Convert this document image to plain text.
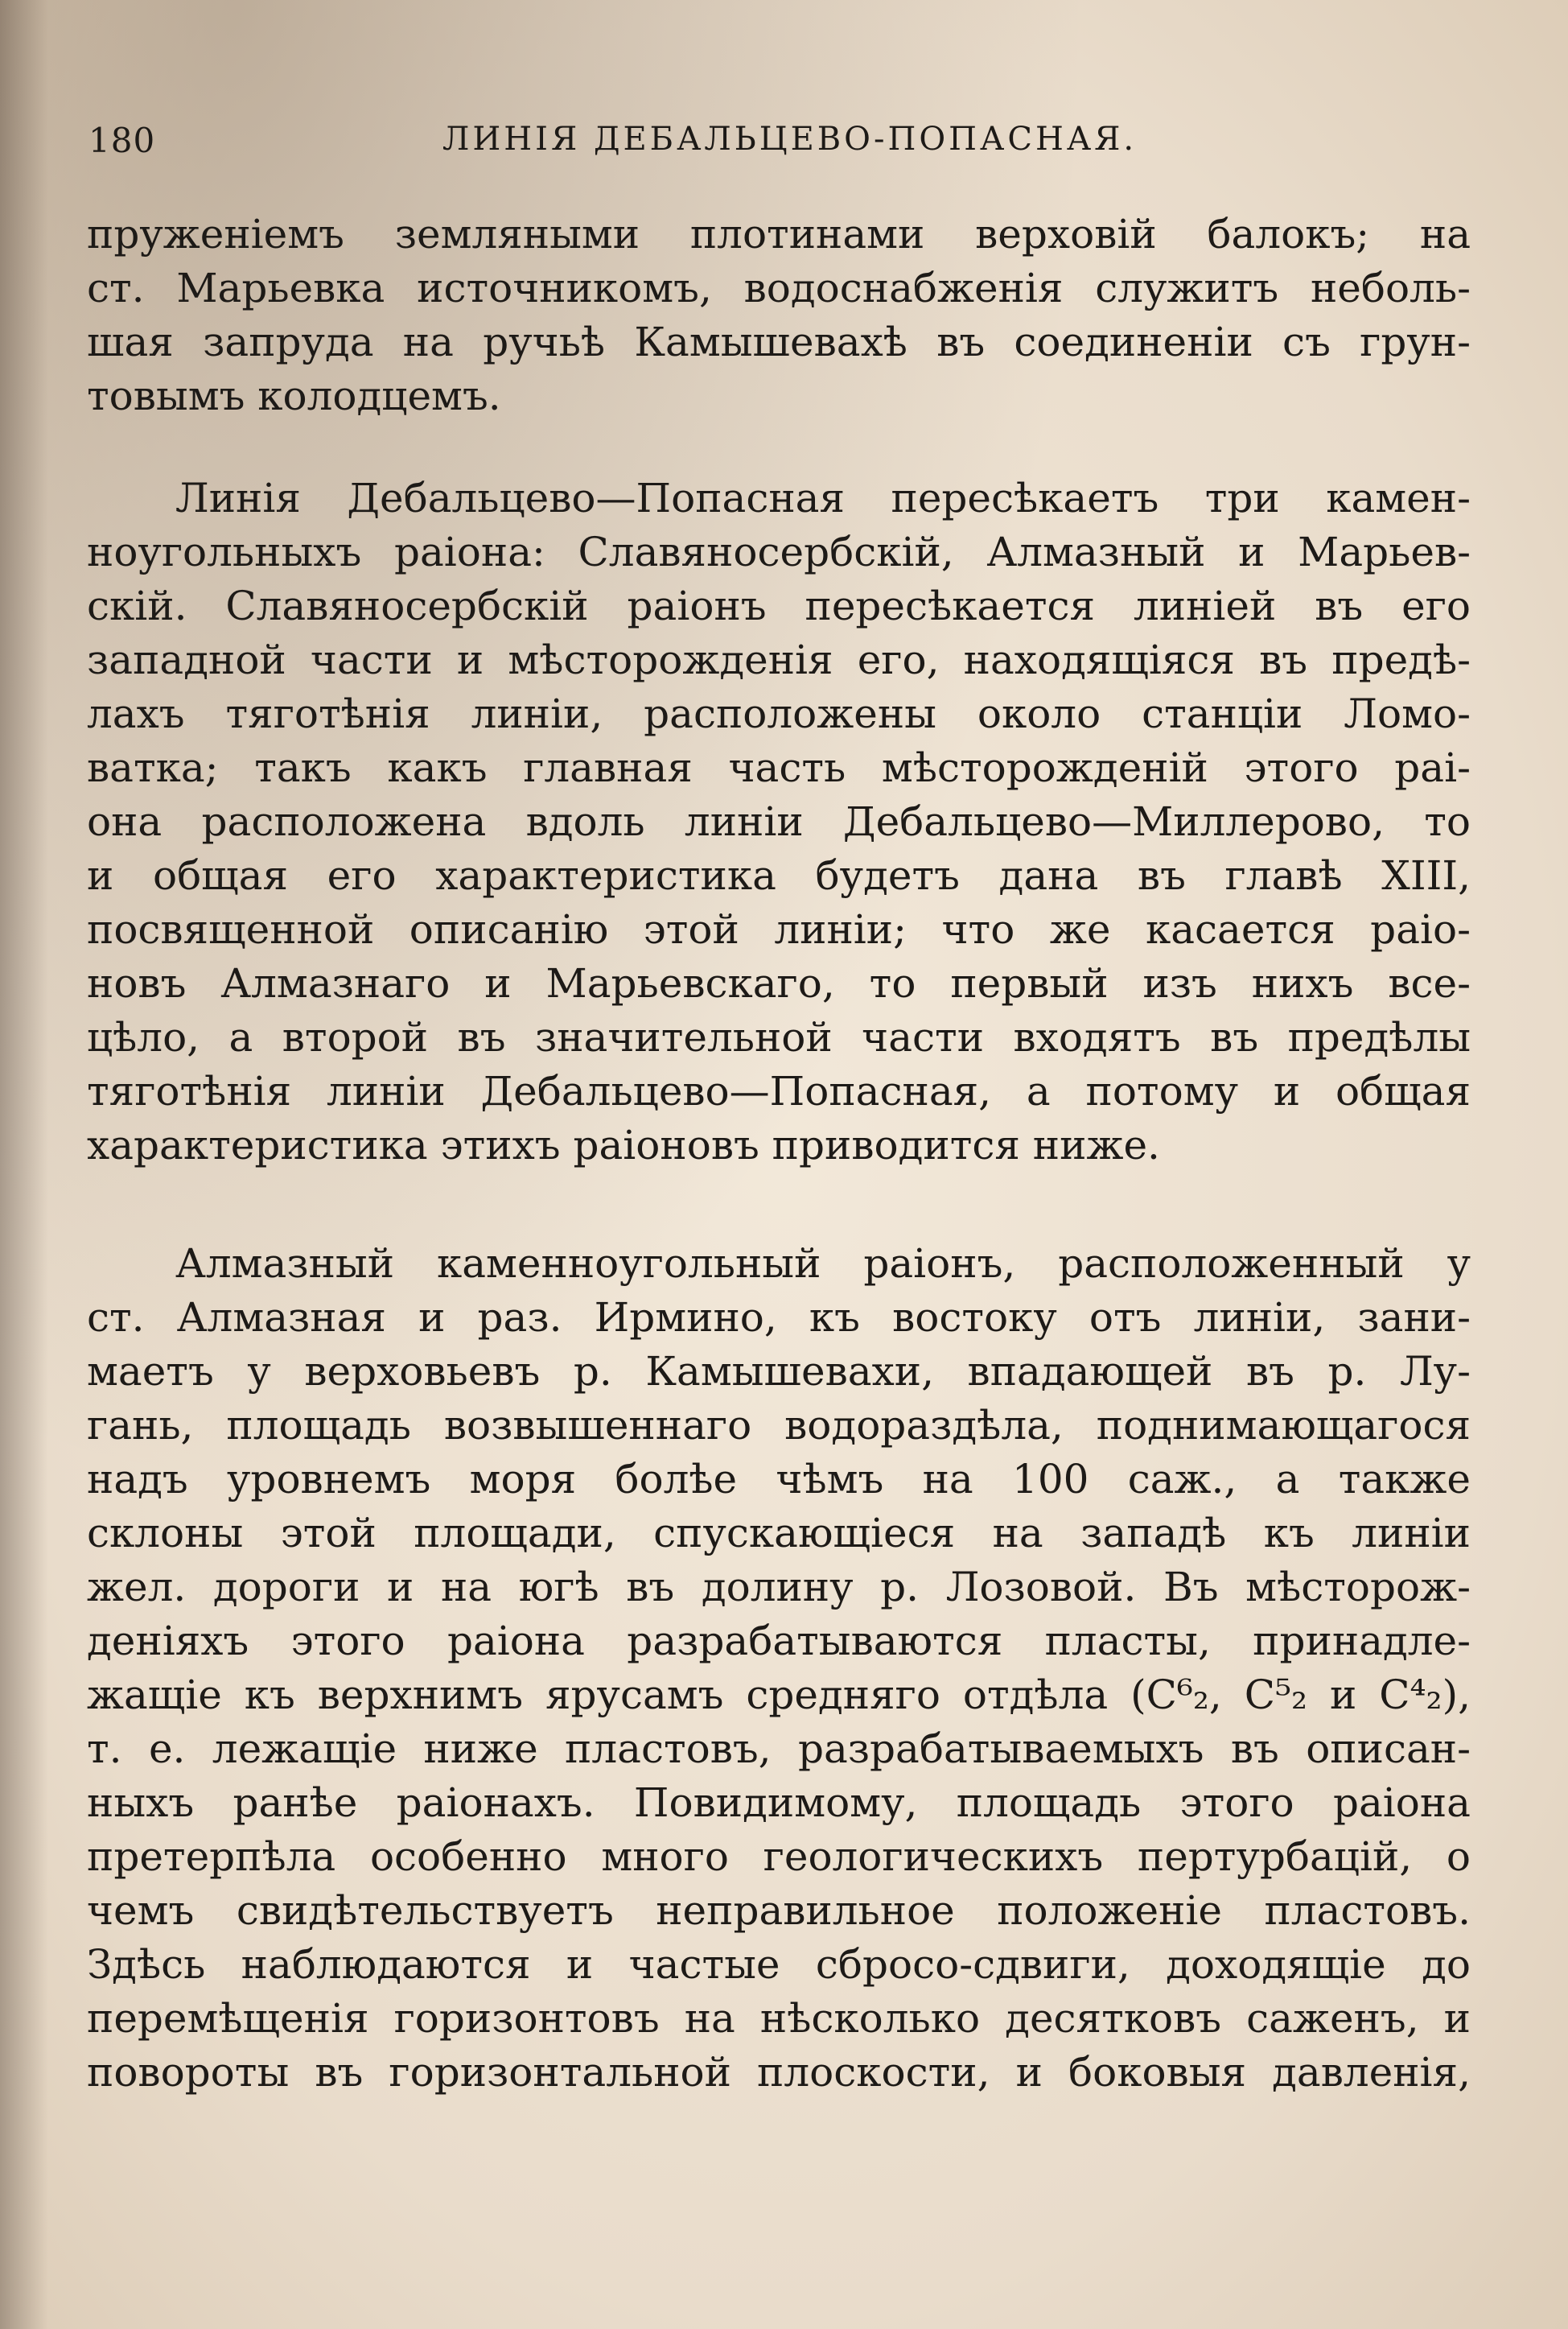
180	ЛИНІЯ ДЕБАЛЬЦЕВО-ПОПАСНАЯ.
пруженіемъ земляными плотинами верховій балокъ; на
ст. Марьевка источникомъ, водоснабженія служитъ неболь-
шая запруда на ручьѣ Камышевахѣ въ соединеніи съ грун-
товымъ колодцемъ.
Линія Дебальцево—Попасная пересѣкаетъ три камен-
ноугольныхъ раіона: Славяносербскій, Алмазный и Марьев-
скій. Славяносербскій раіонъ пересѣкается линіей въ его
западной части и мѣсторожденія его, находящіяся въ предѣ-
лахъ тяготѣнія линіи, расположены около станціи Ломо-
ватка; такъ какъ главная часть мѣсторожденій этого раі-
она расположена вдоль линіи Дебальцево—Миллерово, то
и общая его характеристика будетъ дана въ главѣ XIII,
посвященной описанію этой линіи; что же касается раіо-
новъ Алмазнаго и Марьевскаго, то первый изъ нихъ все-
цѣло, а второй въ значительной части входятъ въ предѣлы
тяготѣнія линіи Дебальцево—Попасная, а потому и общая
характеристика этихъ раіоновъ приводится ниже.
Алмазный каменноугольный раіонъ, расположенный у
ст. Алмазная и раз. Ирмино, къ востоку отъ линіи, зани-
маетъ у верховьевъ р. Камышевахи, впадающей въ р. Лу-
гань, площадь возвышеннаго водораздѣла, поднимающагося
надъ уровнемъ моря болѣе чѣмъ на 100 саж., а также
склоны этой площади, спускающіеся на западѣ къ линіи
жел. дороги и на югѣ въ долину р. Лозовой. Въ мѣсторож-
деніяхъ этого раіона разрабатываются пласты, принадле-
жащіе къ верхнимъ ярусамъ средняго отдѣла (C⁶₂, C⁵₂ и C⁴₂),
т. е. лежащіе ниже пластовъ, разрабатываемыхъ въ описан-
ныхъ ранѣе раіонахъ. Повидимому, площадь этого раіона
претерпѣла особенно много геологическихъ пертурбацій, о
чемъ свидѣтельствуетъ неправильное положеніе пластовъ.
Здѣсь наблюдаются и частые сбросо-сдвиги, доходящіе до
перемѣщенія горизонтовъ на нѣсколько десятковъ саженъ, и
повороты въ горизонтальной плоскости, и боковыя давленія,
